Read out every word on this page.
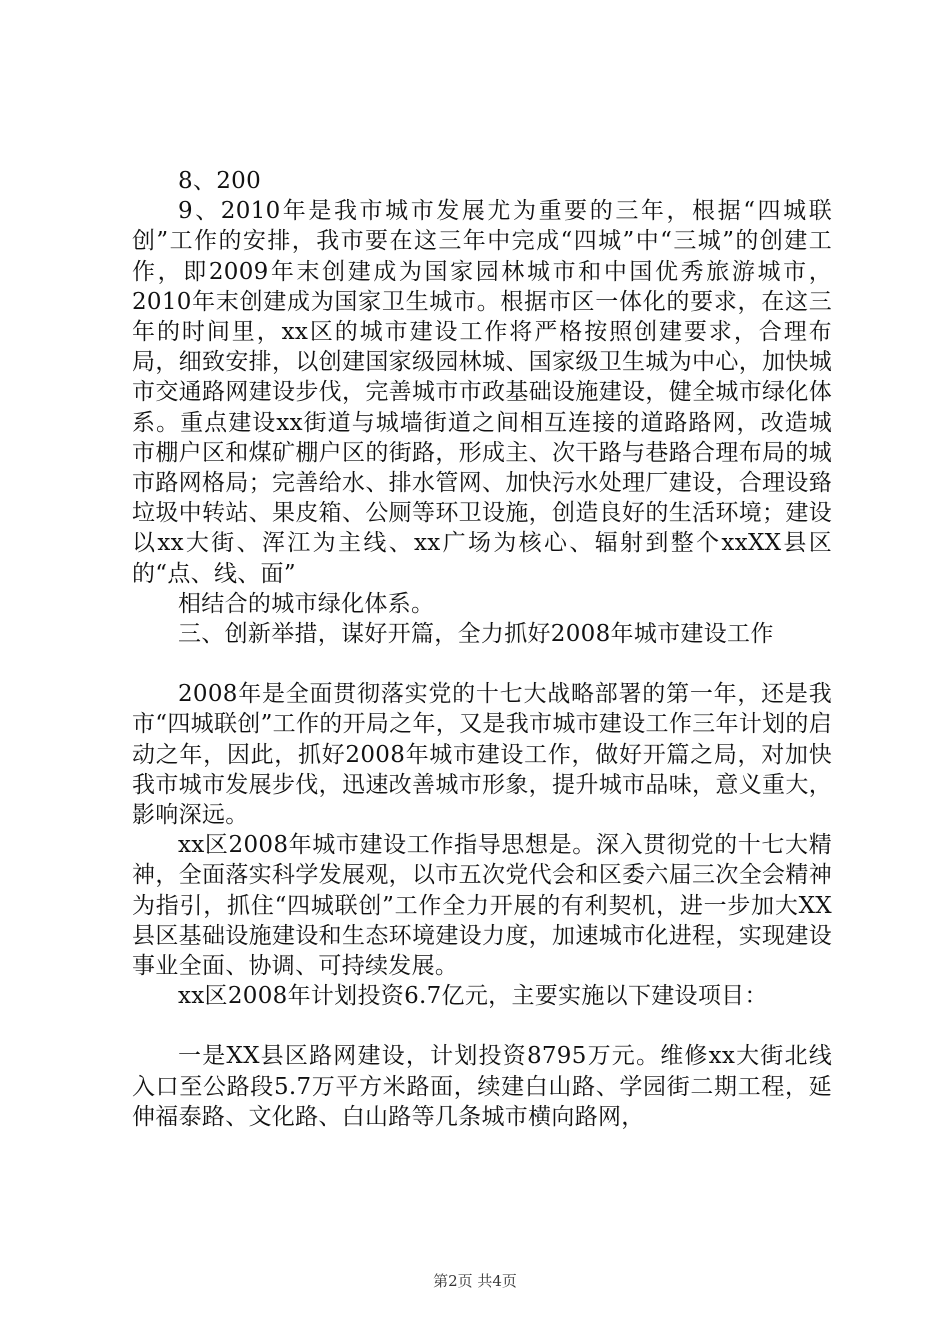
8、200

9、2010年是我市城市发展尤为重要的三年，根据“四城联创”工作的安排，我市要在这三年中完成“四城”中“三城”的创建工作，即2009年末创建成为国家园林城市和中国优秀旅游城市，2010年末创建成为国家卫生城市。根据市区一体化的要求，在这三年的时间里，xx区的城市建设工作将严格按照创建要求，合理布局，细致安排，以创建国家级园林城、国家级卫生城为中心，加快城市交通路网建设步伐，完善城市市政基础设施建设，健全城市绿化体系。重点建设xx街道与城墙街道之间相互连接的道路路网，改造城市棚户区和煤矿棚户区的街路，形成主、次干路与巷路合理布局的城市路网格局；完善给水、排水管网、加快污水处理厂建设，合理设臵垃圾中转站、果皮箱、公厕等环卫设施，创造良好的生活环境；建设以xx大街、浑江为主线、xx广场为核心、辐射到整个xxXX县区的“点、线、面”

相结合的城市绿化体系。

三、创新举措，谋好开篇，全力抓好2008年城市建设工作

2008年是全面贯彻落实党的十七大战略部署的第一年，还是我市“四城联创”工作的开局之年，又是我市城市建设工作三年计划的启动之年，因此，抓好2008年城市建设工作，做好开篇之局，对加快我市城市发展步伐，迅速改善城市形象，提升城市品味，意义重大，影响深远。

xx区2008年城市建设工作指导思想是。深入贯彻党的十七大精神，全面落实科学发展观，以市五次党代会和区委六届三次全会精神为指引，抓住“四城联创”工作全力开展的有利契机，进一步加大XX县区基础设施建设和生态环境建设力度，加速城市化进程，实现建设事业全面、协调、可持续发展。

xx区2008年计划投资6.7亿元，主要实施以下建设项目：

一是XX县区路网建设，计划投资8795万元。维修xx大街北线入口至公路段5.7万平方米路面，续建白山路、学园街二期工程，延伸福泰路、文化路、白山路等几条城市横向路网，

第2页 共4页
